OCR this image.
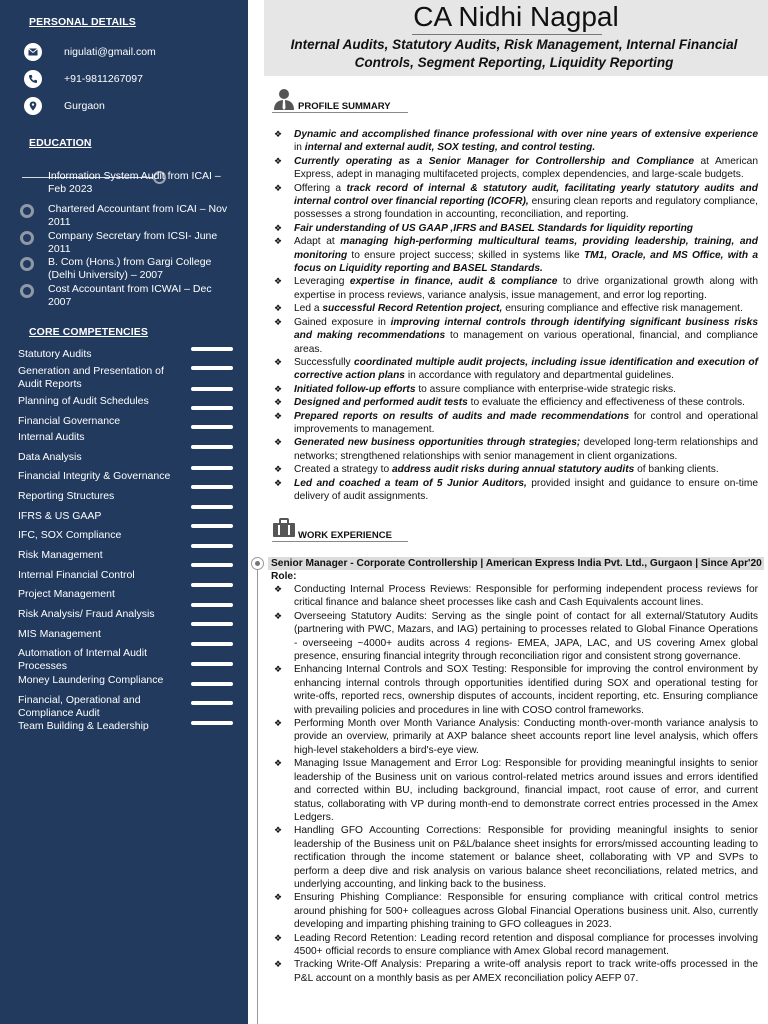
PERSONAL DETAILS
nigulati@gmail.com
+91-9811267097
Gurgaon
EDUCATION
Information System Audit from ICAI – Feb 2023
Chartered Accountant from ICAI – Nov 2011
Company Secretary from ICSI- June 2011
B. Com (Hons.) from Gargi College (Delhi University) – 2007
Cost Accountant from ICWAI – Dec 2007
CORE COMPETENCIES
Statutory Audits
Generation and Presentation of Audit Reports
Planning of Audit Schedules
Financial Governance
Internal Audits
Data Analysis
Financial Integrity & Governance
Reporting Structures
IFRS & US GAAP
IFC, SOX Compliance
Risk Management
Internal Financial Control
Project Management
Risk Analysis/ Fraud Analysis
MIS Management
Automation of Internal Audit Processes
Money Laundering Compliance
Financial, Operational and Compliance Audit
Team Building & Leadership
CA Nidhi Nagpal
Internal Audits, Statutory Audits, Risk Management, Internal Financial Controls, Segment Reporting, Liquidity Reporting
PROFILE SUMMARY
❖ Dynamic and accomplished finance professional with over nine years of extensive experience in internal and external audit, SOX testing, and control testing.
❖ Currently operating as a Senior Manager for Controllership and Compliance at American Express, adept in managing multifaceted projects, complex dependencies, and large-scale budgets.
❖ Offering a track record of internal & statutory audit, facilitating yearly statutory audits and internal control over financial reporting (ICOFR), ensuring clean reports and regulatory compliance, possesses a strong foundation in accounting, reconciliation, and reporting.
❖ Fair understanding of US GAAP ,IFRS and BASEL Standards for liquidity reporting
❖ Adapt at managing high-performing multicultural teams, providing leadership, training, and monitoring to ensure project success; skilled in systems like TM1, Oracle, and MS Office, with a focus on Liquidity reporting and BASEL Standards.
❖ Leveraging expertise in finance, audit & compliance to drive organizational growth along with expertise in process reviews, variance analysis, issue management, and error log reporting.
❖ Led a successful Record Retention project, ensuring compliance and effective risk management.
❖ Gained exposure in improving internal controls through identifying significant business risks and making recommendations to management on various operational, financial, and compliance areas.
❖ Successfully coordinated multiple audit projects, including issue identification and execution of corrective action plans in accordance with regulatory and departmental guidelines.
❖ Initiated follow-up efforts to assure compliance with enterprise-wide strategic risks.
❖ Designed and performed audit tests to evaluate the efficiency and effectiveness of these controls.
❖ Prepared reports on results of audits and made recommendations for control and operational improvements to management.
❖ Generated new business opportunities through strategies; developed long-term relationships and networks; strengthened relationships with senior management in client organizations.
❖ Created a strategy to address audit risks during annual statutory audits of banking clients.
❖ Led and coached a team of 5 Junior Auditors, provided insight and guidance to ensure on-time delivery of audit assignments.
WORK EXPERIENCE
Senior Manager - Corporate Controllership | American Express India Pvt. Ltd., Gurgaon | Since Apr'20
Role:
❖ Conducting Internal Process Reviews: Responsible for performing independent process reviews for critical finance and balance sheet processes like cash and Cash Equivalents account lines.
❖ Overseeing Statutory Audits: Serving as the single point of contact for all external/Statutory Audits (partnering with PWC, Mazars, and IAG) pertaining to processes related to Global Finance Operations - overseeing ~4000+ audits across 4 regions- EMEA, JAPA, LAC, and US covering Amex global presence, ensuring financial integrity through reconciliation rigor and consistent strong governance.
❖ Enhancing Internal Controls and SOX Testing: Responsible for improving the control environment by enhancing internal controls through opportunities identified during SOX and operational testing for write-offs, reported recs, ownership disputes of accounts, incident reporting, etc. Ensuring compliance with prevailing policies and procedures in line with COSO control frameworks.
❖ Performing Month over Month Variance Analysis: Conducting month-over-month variance analysis to provide an overview, primarily at AXP balance sheet accounts report line level analysis, which offers high-level stakeholders a bird's-eye view.
❖ Managing Issue Management and Error Log: Responsible for providing meaningful insights to senior leadership of the Business unit on various control-related metrics around issues and errors identified and corrected within BU, including background, financial impact, root cause of error, and current status, collaborating with VP during month-end to demonstrate correct entries processed in the Amex Ledgers.
❖ Handling GFO Accounting Corrections: Responsible for providing meaningful insights to senior leadership of the Business unit on P&L/balance sheet insights for errors/missed accounting leading to rectification through the income statement or balance sheet, collaborating with VP and SVPs to perform a deep dive and risk analysis on various balance sheet reconciliations, related metrics, and underlying accounting, and linking back to the business.
❖ Ensuring Phishing Compliance: Responsible for ensuring compliance with critical control metrics around phishing for 500+ colleagues across Global Financial Operations business unit. Also, currently developing and imparting phishing training to GFO colleagues in 2023.
❖ Leading Record Retention: Leading record retention and disposal compliance for processes involving 4500+ official records to ensure compliance with Amex Global record management.
❖ Tracking Write-Off Analysis: Preparing a write-off analysis report to track write-offs processed in the P&L account on a monthly basis as per AMEX reconciliation policy AEFP 07.
